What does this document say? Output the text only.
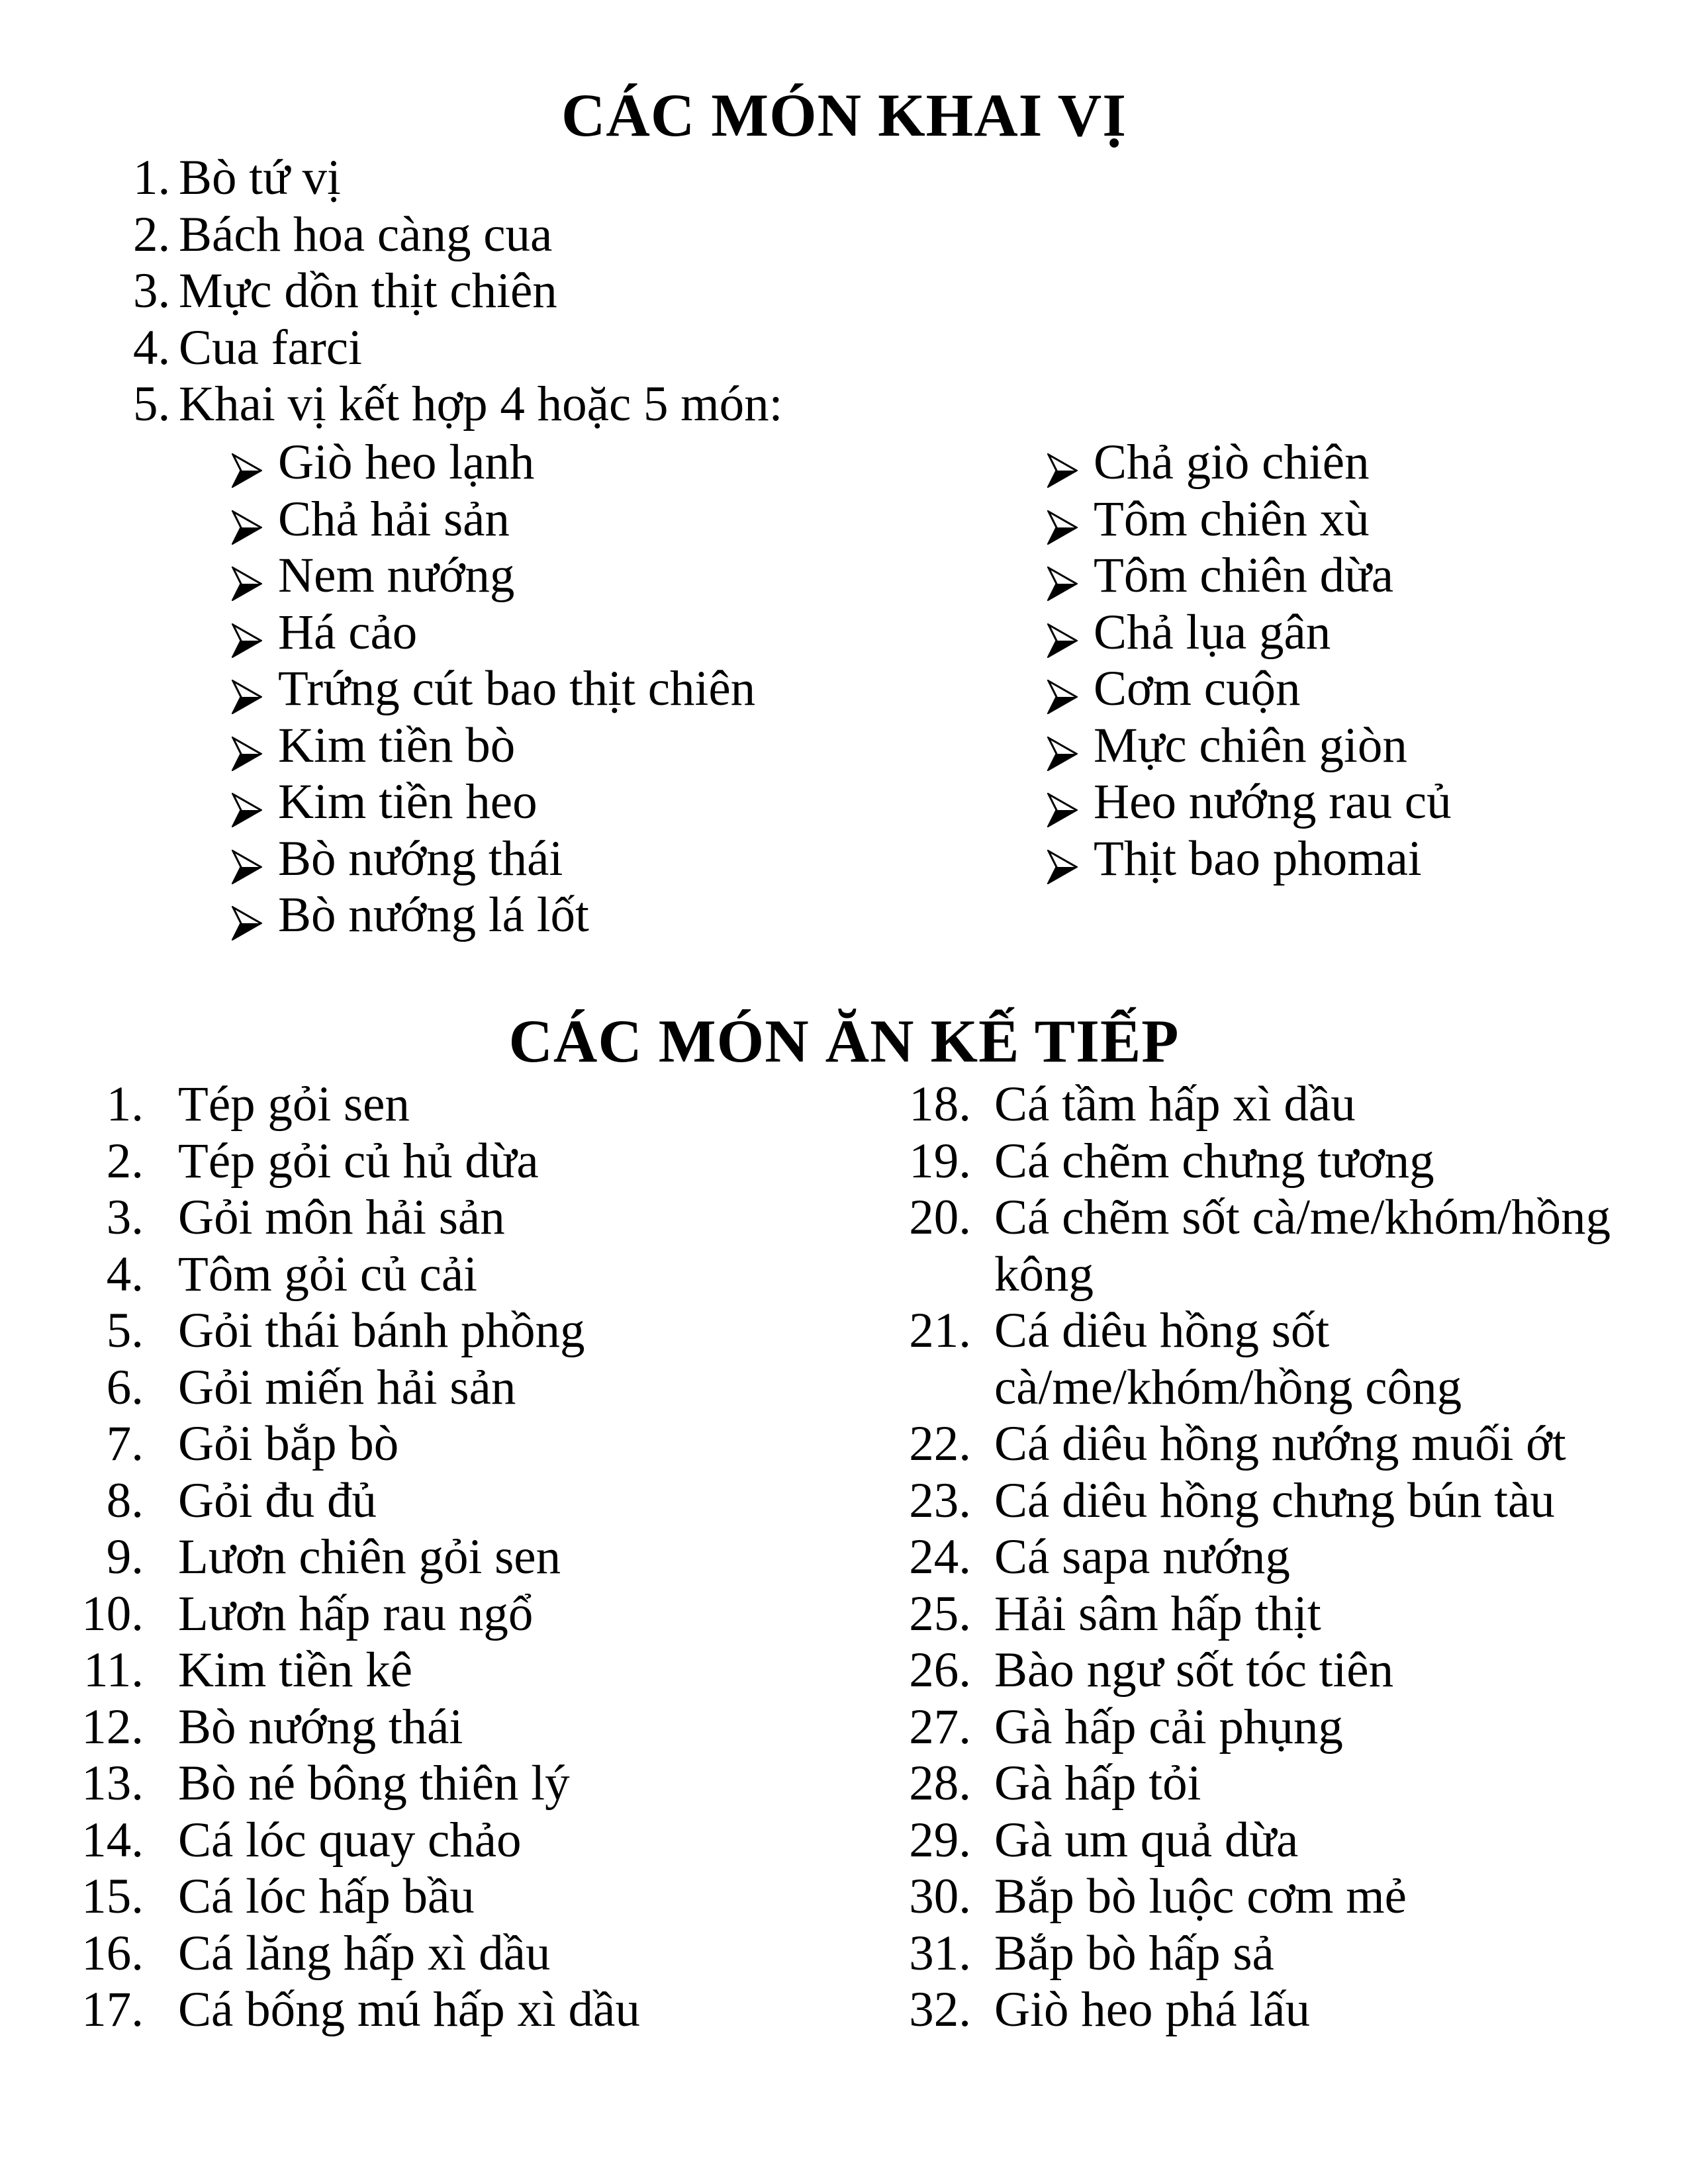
CÁC MÓN KHAI VỊ
1. Bò tứ vị
2. Bách hoa càng cua
3. Mực dồn thịt chiên
4. Cua farci
5. Khai vị kết hợp 4 hoặc 5 món:
Giò heo lạnh
Chả hải sản
Nem nướng
Há cảo
Trứng cút bao thịt chiên
Kim tiền bò
Kim tiền heo
Bò nướng thái
Bò nướng lá lốt
Chả giò chiên
Tôm chiên xù
Tôm chiên dừa
Chả lụa gân
Cơm cuộn
Mực chiên giòn
Heo nướng rau củ
Thịt bao phomai
CÁC MÓN ĂN KẾ TIẾP
1. Tép gỏi sen
2. Tép gỏi củ hủ dừa
3. Gỏi môn hải sản
4. Tôm gỏi củ cải
5. Gỏi thái bánh phồng
6. Gỏi miến hải sản
7. Gỏi bắp bò
8. Gỏi đu đủ
9. Lươn chiên gỏi sen
10. Lươn hấp rau ngổ
11. Kim tiền kê
12. Bò nướng thái
13. Bò né bông thiên lý
14. Cá lóc quay chảo
15. Cá lóc hấp bầu
16. Cá lăng hấp xì dầu
17. Cá bống mú hấp xì dầu
18. Cá tầm hấp xì dầu
19. Cá chẽm chưng tương
20. Cá chẽm sốt cà/me/khóm/hồng
kông
21. Cá diêu hồng sốt
cà/me/khóm/hồng công
22. Cá diêu hồng nướng muối ớt
23. Cá diêu hồng chưng bún tàu
24. Cá sapa nướng
25. Hải sâm hấp thịt
26. Bào ngư sốt tóc tiên
27. Gà hấp cải phụng
28. Gà hấp tỏi
29. Gà um quả dừa
30. Bắp bò luộc cơm mẻ
31. Bắp bò hấp sả
32. Giò heo phá lấu
